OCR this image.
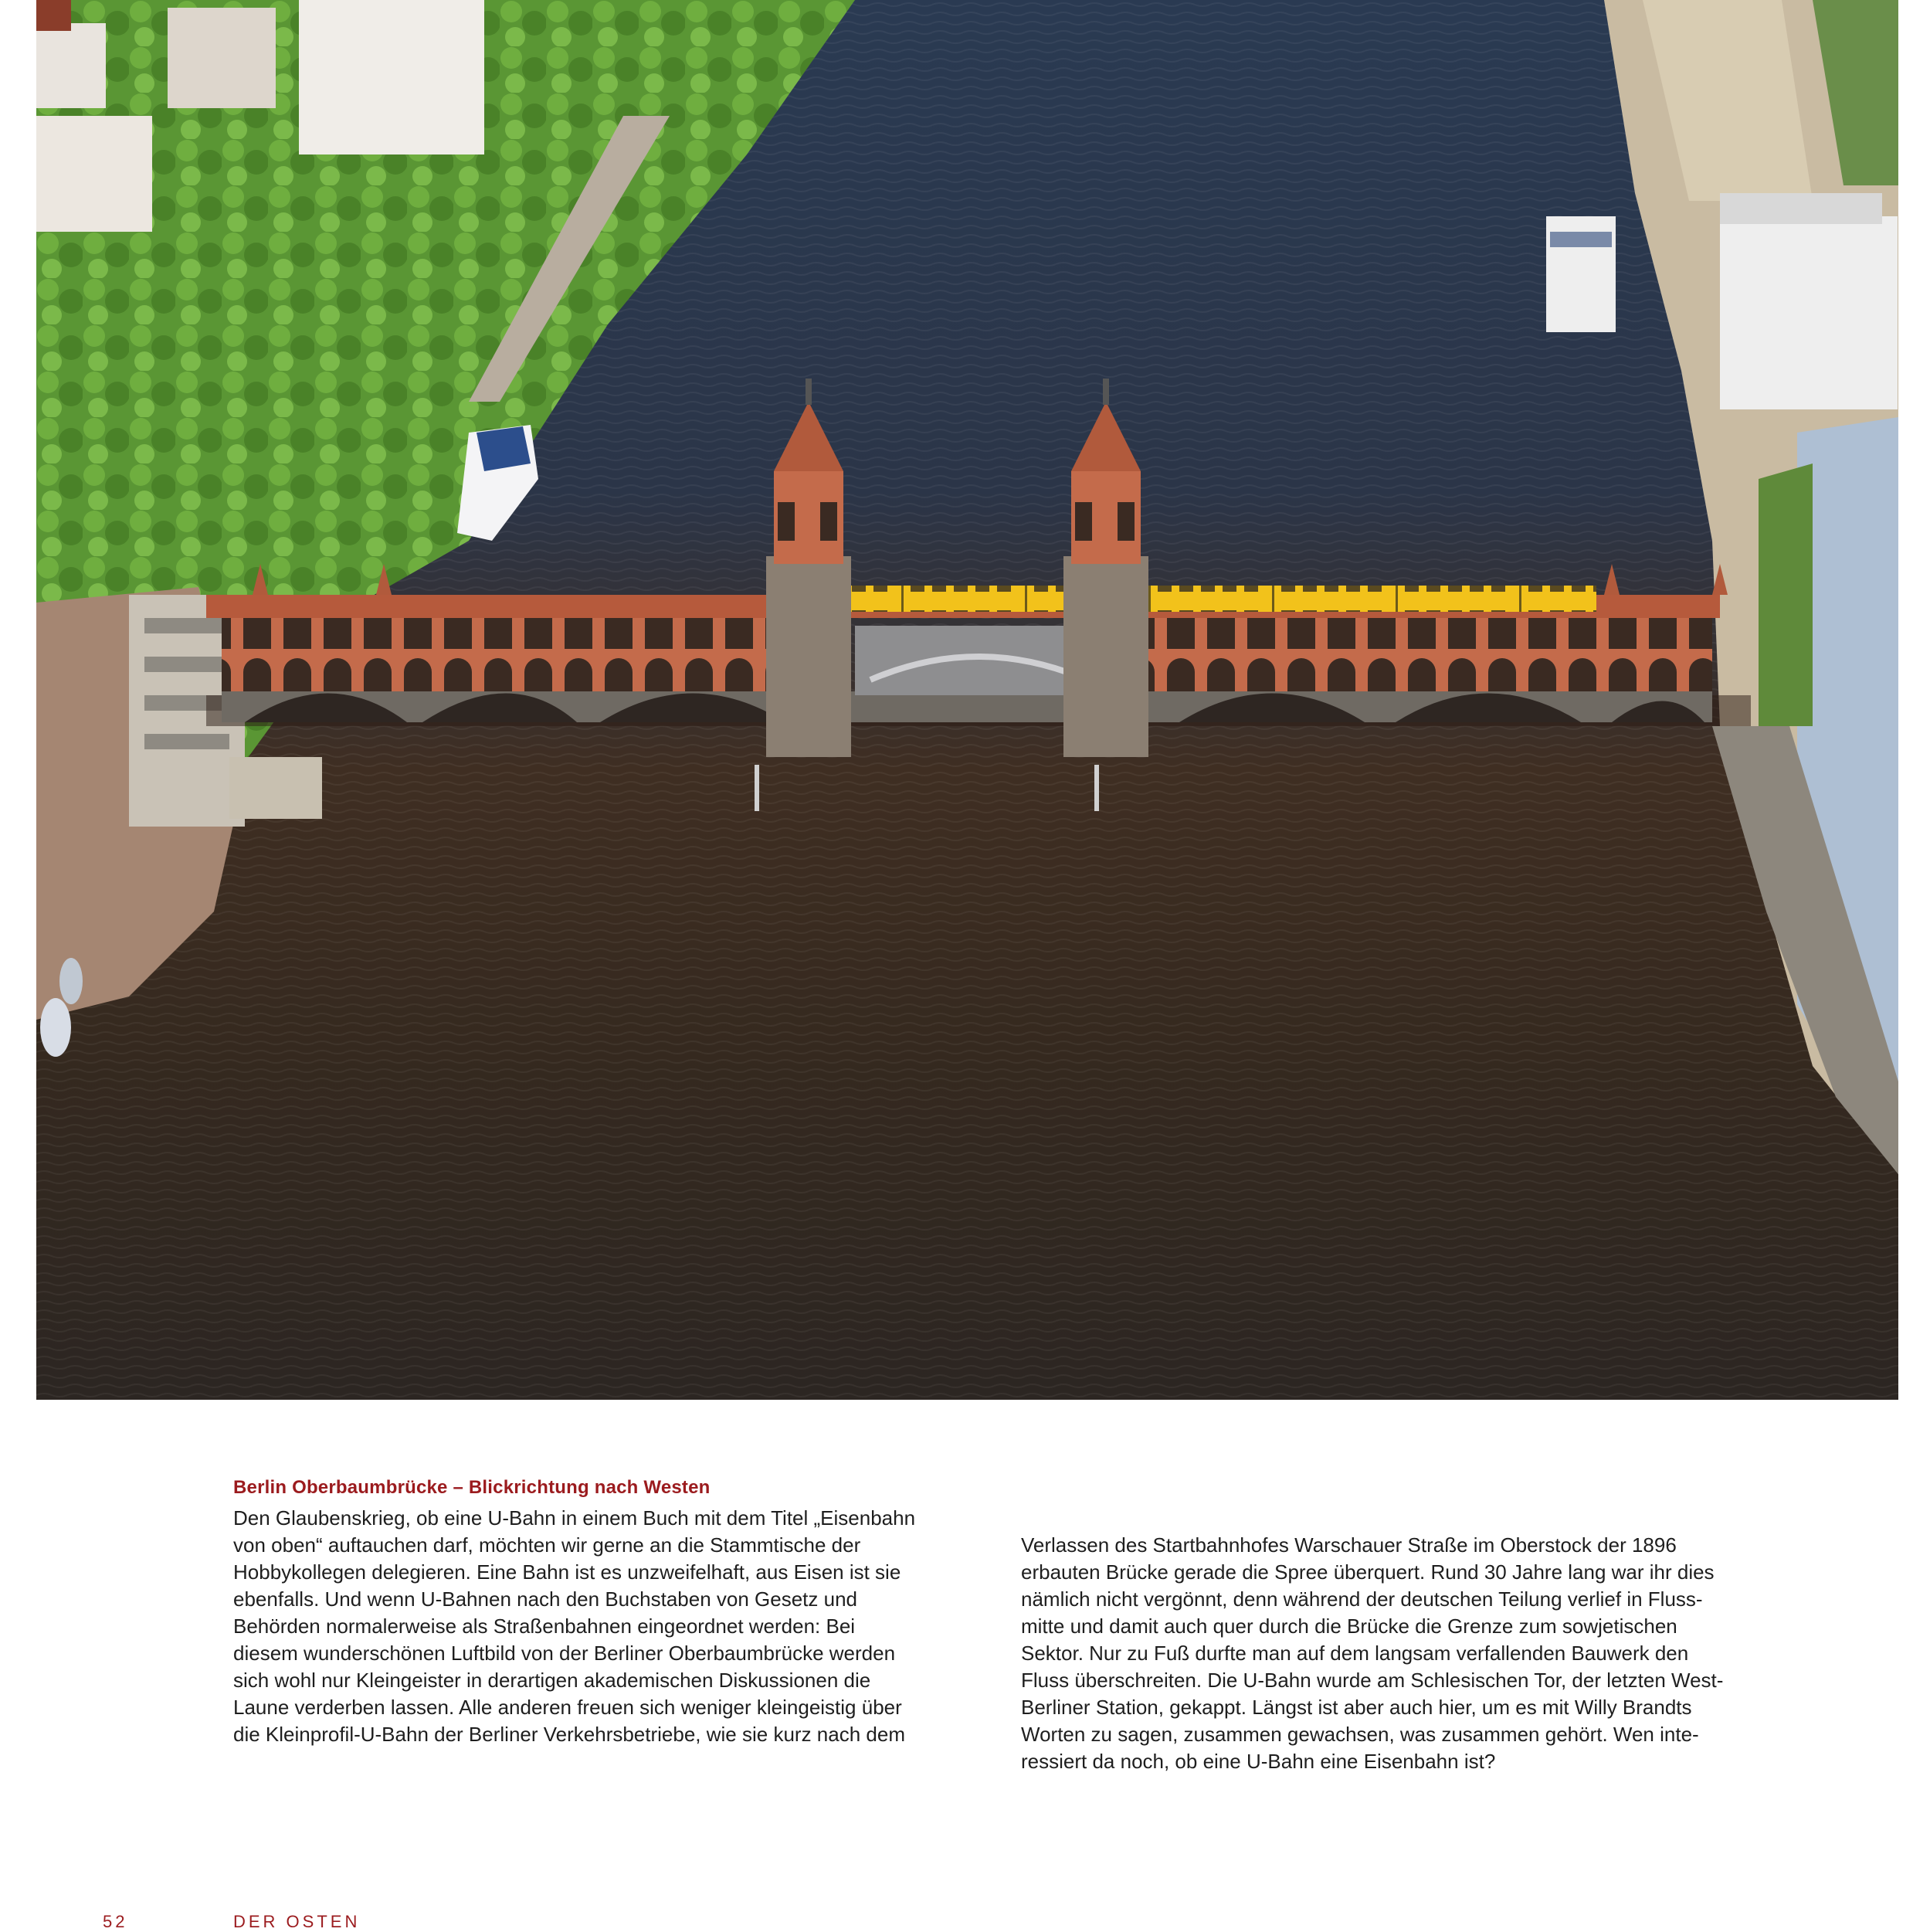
Berlin Oberbaumbrücke – Blickrichtung nach Westen
Den Glaubenskrieg, ob eine U-Bahn in einem Buch mit dem Titel „Eisenbahn
von oben“ auftauchen darf, möchten wir gerne an die Stammtische der
Hobbykollegen delegieren. Eine Bahn ist es unzweifelhaft, aus Eisen ist sie
ebenfalls. Und wenn U-Bahnen nach den Buchstaben von Gesetz und
Behörden normalerweise als Straßenbahnen eingeordnet werden: Bei
diesem wunderschönen Luftbild von der Berliner Oberbaumbrücke werden
sich wohl nur Kleingeister in derartigen akademischen Diskussionen die
Laune verderben lassen. Alle anderen freuen sich weniger kleingeistig über
die Kleinprofil-U-Bahn der Berliner Verkehrsbetriebe, wie sie kurz nach dem
Verlassen des Startbahnhofes Warschauer Straße im Oberstock der 1896
erbauten Brücke gerade die Spree überquert. Rund 30 Jahre lang war ihr dies
nämlich nicht vergönnt, denn während der deutschen Teilung verlief in Fluss-
mitte und damit auch quer durch die Brücke die Grenze zum sowjetischen
Sektor. Nur zu Fuß durfte man auf dem langsam verfallenden Bauwerk den
Fluss überschreiten. Die U-Bahn wurde am Schlesischen Tor, der letzten West-
Berliner Station, gekappt. Längst ist aber auch hier, um es mit Willy Brandts
Worten zu sagen, zusammen gewachsen, was zusammen gehört. Wen inte-
ressiert da noch, ob eine U-Bahn eine Eisenbahn ist?
52	DER OSTEN
